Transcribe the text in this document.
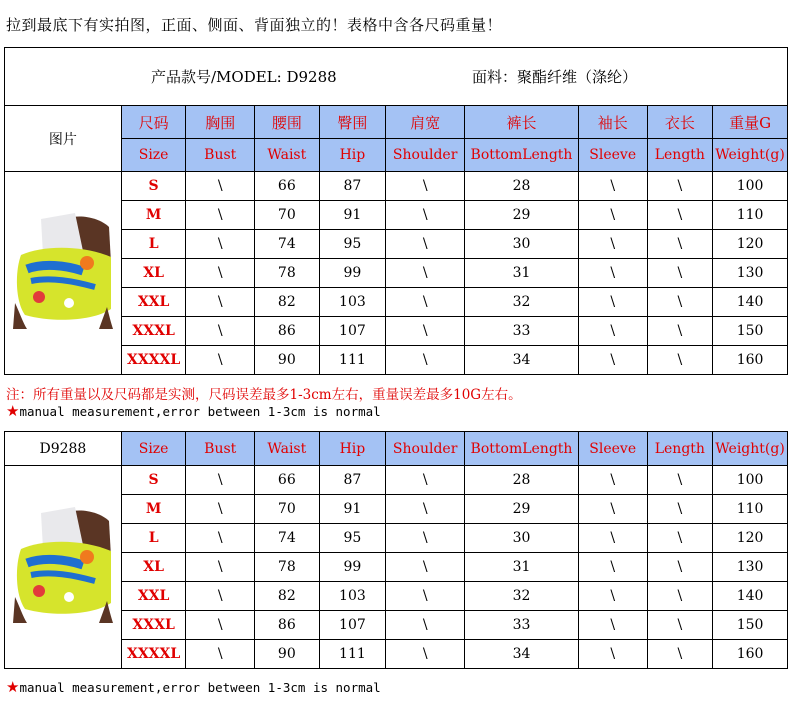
拉到最底下有实拍图，正面、侧面、背面独立的！表格中含各尺码重量！
产品款号/MODEL: D9288 面料：聚酯纤维（涤纶）									

图片	尺码	胸围	腰围	臀围	肩宽	裤长	袖长	衣长	重量G
	Size	Bust	Waist	Hip	Shoulder	BottomLength	Sleeve	Length	Weight(g)
	S	\	66	87	\	28	\	\	100
	M	\	70	91	\	29	\	\	110
	L	\	74	95	\	30	\	\	120
	XL	\	78	99	\	31	\	\	130
	XXL	\	82	103	\	32	\	\	140
	XXXL	\	86	107	\	33	\	\	150
	XXXXL	\	90	111	\	34	\	\	160
注：所有重量以及尺码都是实测，尺码误差最多1-3cm左右，重量误差最多10G左右。
★manual measurement,error between 1-3cm is normal
D9288	Size	Bust	Waist	Hip	Shoulder	BottomLength	Sleeve	Length	Weight(g)
	S	\	66	87	\	28	\	\	100
	M	\	70	91	\	29	\	\	110
	L	\	74	95	\	30	\	\	120
	XL	\	78	99	\	31	\	\	130
	XXL	\	82	103	\	32	\	\	140
	XXXL	\	86	107	\	33	\	\	150
	XXXXL	\	90	111	\	34	\	\	160
★manual measurement,error between 1-3cm is normal
